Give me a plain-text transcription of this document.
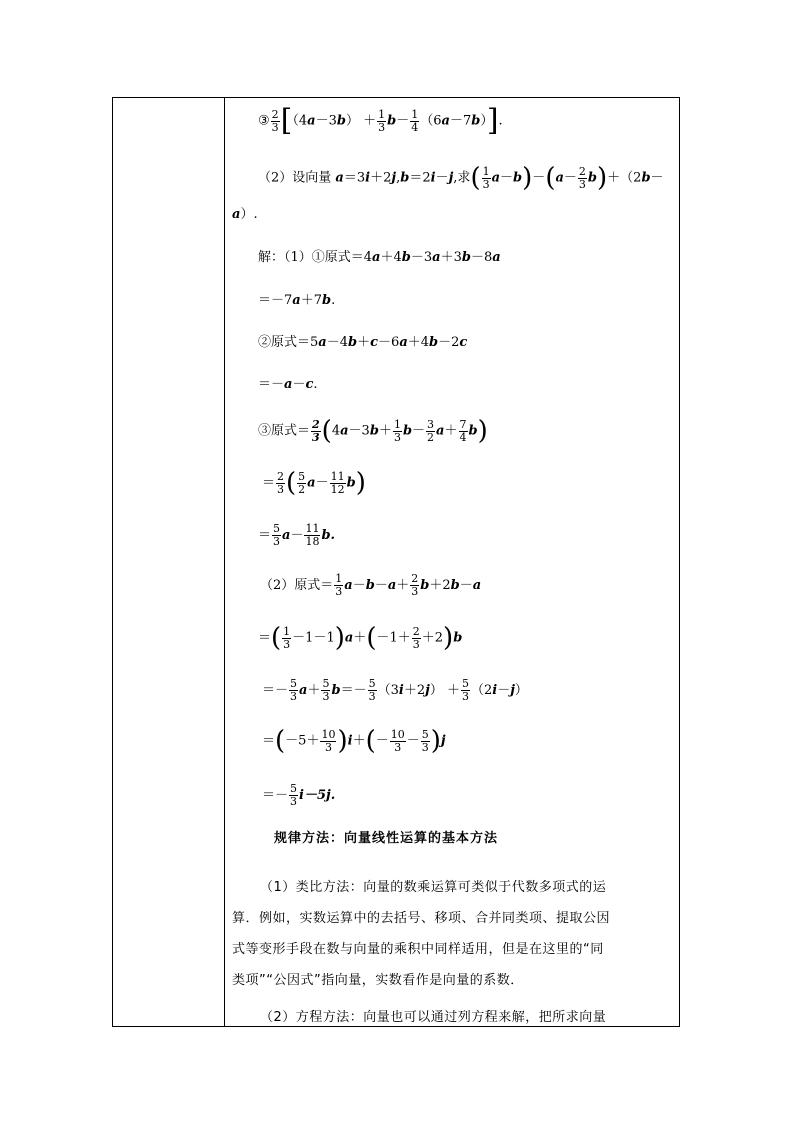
③ $\frac{2}{3} [(4a-3b) + \frac{1}{3} b- \frac{1}{4} (6a-7b)]$.
（2）设向量 a＝3i＋2j,b＝2i－j,求( $\frac{1}{3} a-b)-(a- \frac{2}{3} b)+(2b-$
a）.
解：（1）①原式＝4a＋4b－3a＋3b－8a
＝－7a＋7b.
②原式＝5a－4b＋c－6a＋4b－2c
＝－a－c.
③原式＝ $\frac{2}{3} (4a-3b+ \frac{1}{3} b- \frac{3}{2} a+ \frac{7}{4} b)$
＝ $\frac{2}{3}$ ( $\frac{5}{2} a- \frac{11}{12} b$)
＝ $\frac{5}{3} a- \frac{11}{18} b$.
（2）原式＝ $\frac{1}{3} a-b-a+ \frac{2}{3} b+2b-a$
＝( $\frac{1}{3} -1-1)a+(-1+ \frac{2}{3} +2)b$
＝－ $\frac{5}{3} a+ \frac{5}{3} b=- \frac{5}{3} (3i+2j) + \frac{5}{3} (2i-j)$
$=(-5+ \frac{10}{3} )i+(- \frac{10}{3} - \frac{5}{3} )j$
＝－ $\frac{5}{3} i-5j$.
规律方法：向量线性运算的基本方法
（1）类比方法：向量的数乘运算可类似于代数多项式的运
算．例如，实数运算中的去括号、移项、合并同类项、提取公因
式等变形手段在数与向量的乘积中同样适用，但是在这里的“同
类项”“公因式”指向量，实数看作是向量的系数．
（2）方程方法：向量也可以通过列方程来解，把所求向量
